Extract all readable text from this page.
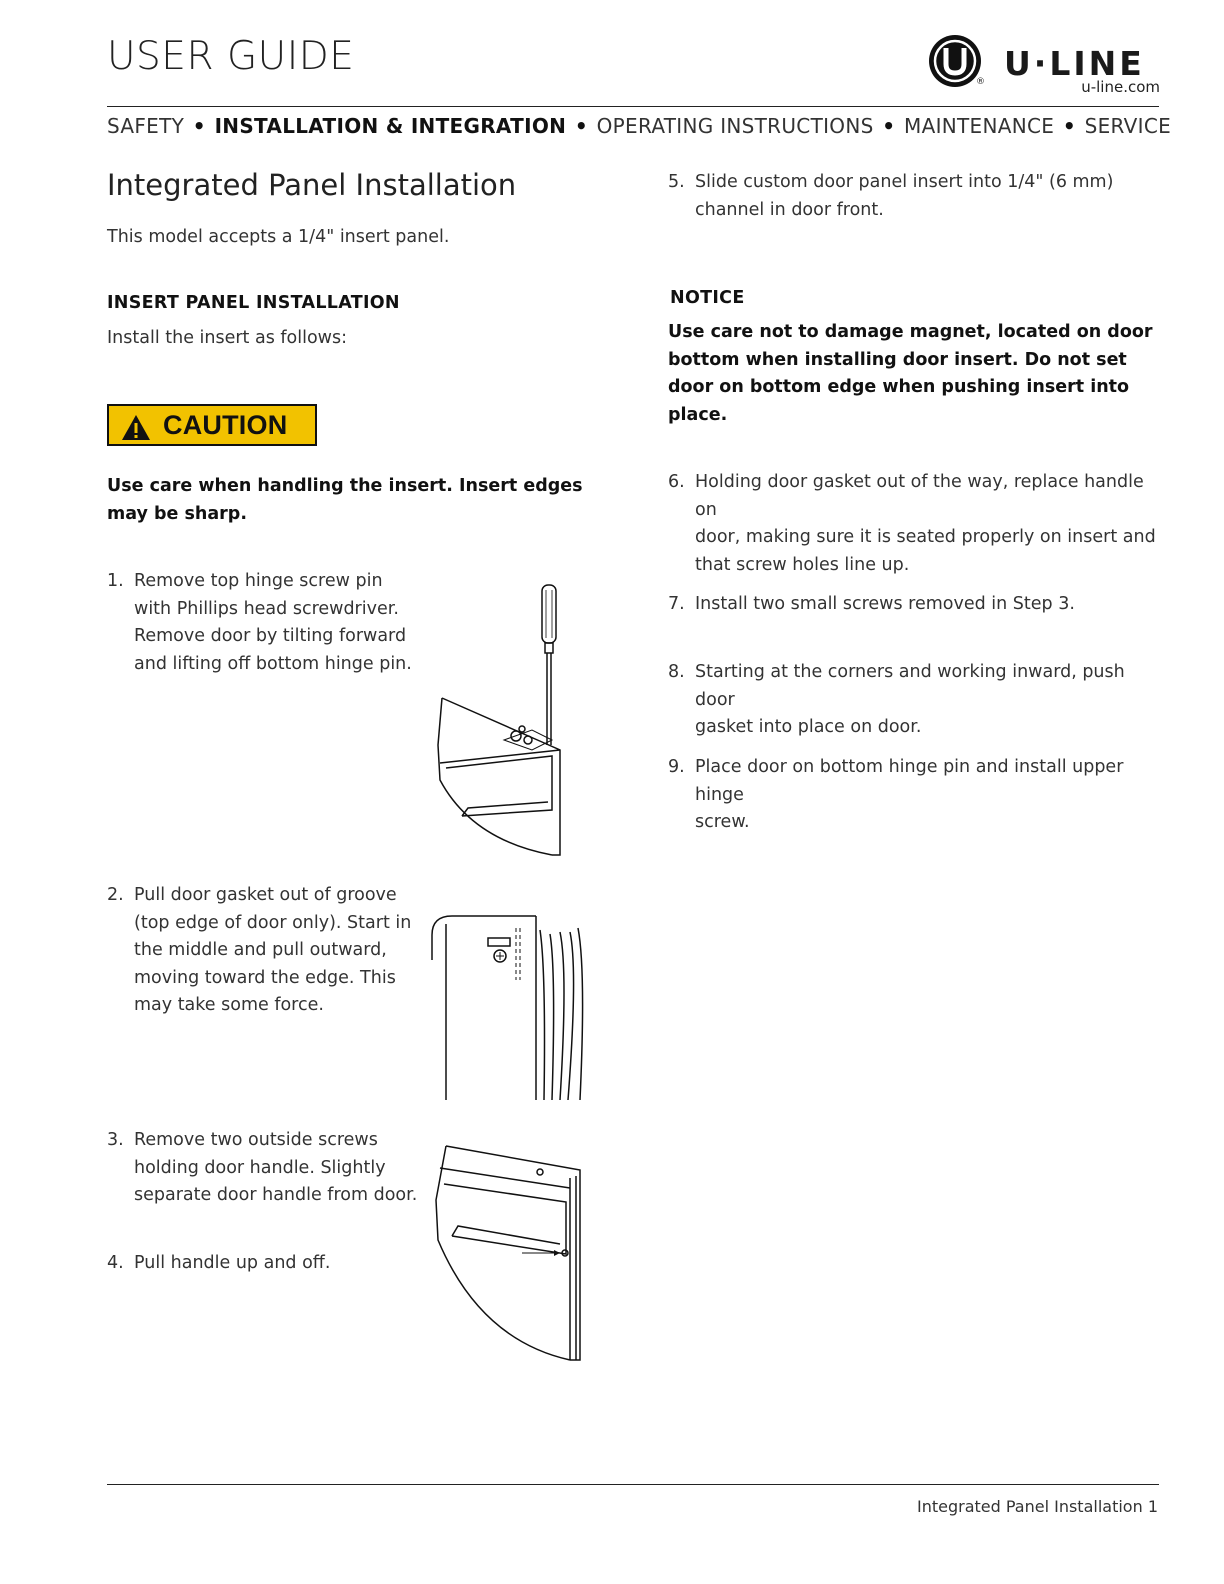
USER GUIDE
® U·LINE
u-line.com
SAFETY • INSTALLATION & INTEGRATION • OPERATING INSTRUCTIONS • MAINTENANCE • SERVICE
Integrated Panel Installation
This model accepts a 1/4" insert panel.
INSERT PANEL INSTALLATION
Install the insert as follows:
CAUTION
Use care when handling the insert. Insert edges
may be sharp.
1. Remove top hinge screw pin
with Phillips head screwdriver.
Remove door by tilting forward
and lifting off bottom hinge pin.
2. Pull door gasket out of groove
(top edge of door only). Start in
the middle and pull outward,
moving toward the edge. This
may take some force.
3. Remove two outside screws
holding door handle. Slightly
separate door handle from door.
4. Pull handle up and off.
5. Slide custom door panel insert into 1/4" (6 mm)
channel in door front.
NOTICE
Use care not to damage magnet, located on door
bottom when installing door insert. Do not set
door on bottom edge when pushing insert into
place.
6. Holding door gasket out of the way, replace handle on
door, making sure it is seated properly on insert and
that screw holes line up.
7. Install two small screws removed in Step 3.
8. Starting at the corners and working inward, push door
gasket into place on door.
9. Place door on bottom hinge pin and install upper hinge
screw.
Integrated Panel Installation 1
